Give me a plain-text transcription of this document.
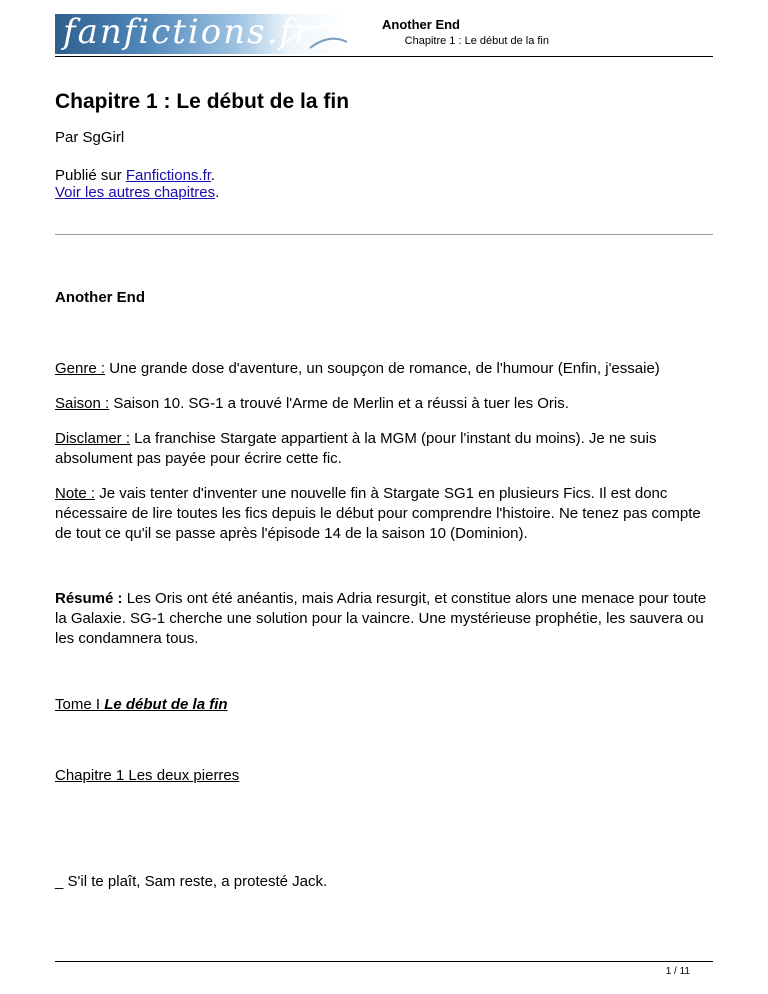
fanfictions.fr	Another End
Chapitre 1 : Le début de la fin
Chapitre 1 : Le début de la fin

Par SgGirl

Publié sur Fanfictions.fr.

Voir les autres chapitres.

Another End

Genre : Une grande dose d'aventure, un soupçon de romance, de l'humour (Enfin, j'essaie)

Saison : Saison 10. SG-1 a trouvé l'Arme de Merlin et a réussi à tuer les Oris.

Disclamer : La franchise Stargate appartient à la MGM (pour l'instant du moins). Je ne suis absolument pas payée pour écrire cette fic.

Note : Je vais tenter d'inventer une nouvelle fin à Stargate SG1 en plusieurs Fics. Il est donc nécessaire de lire toutes les fics depuis le début pour comprendre l'histoire. Ne tenez pas compte de tout ce qu'il se passe après l'épisode 14 de la saison 10 (Dominion).

Résumé : Les Oris ont été anéantis, mais Adria resurgit, et constitue alors une menace pour toute la Galaxie. SG-1 cherche une solution pour la vaincre. Une mystérieuse prophétie, les sauvera ou les condamnera tous.

Tome I Le début de la fin

Chapitre 1 Les deux pierres

_ S'il te plaît, Sam reste, a protesté Jack.

1 / 11
